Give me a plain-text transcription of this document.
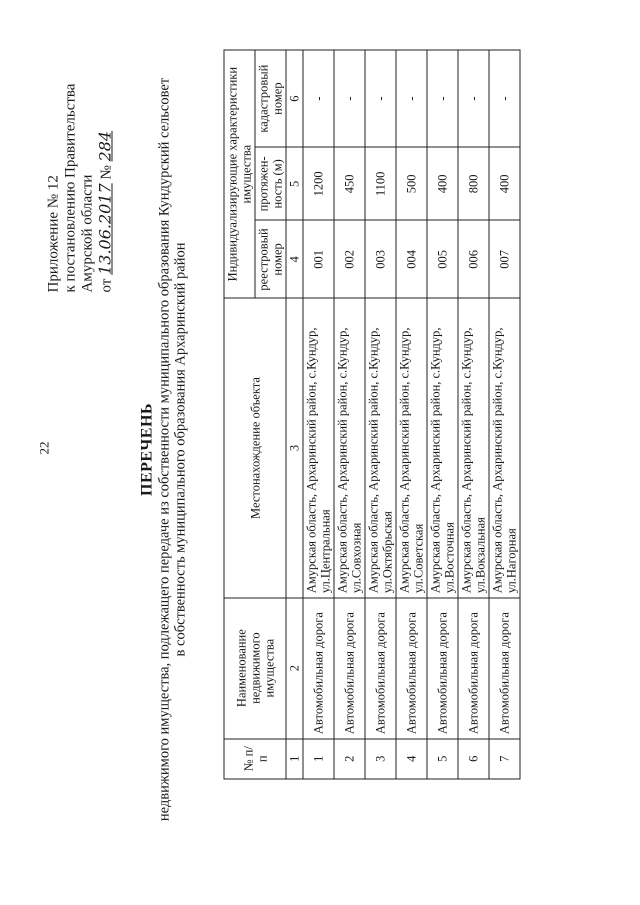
22
Приложение № 12 к постановлению Правительства Амурской области от 13.06.2017 № 284
ПЕРЕЧЕНЬ недвижимого имущества, подлежащего передаче из собственности муниципального образования Кундурский сельсовет в собственность муниципального образования Архаринский район
№ п/п	Наименование недвижимого имущества	Местонахождение объекта	Индивидуализирующие характеристики имущества		
			реестровый номер	протяжен- ность (м)	кадастровый номер
1	2	3	4	5	6
1	Автомобильная дорога	Амурская область, Архаринский район, с.Кундур, ул.Центральная	001	1200	-
2	Автомобильная дорога	Амурская область, Архаринский район, с.Кундур, ул.Совхозная	002	450	-
3	Автомобильная дорога	Амурская область, Архаринский район, с.Кундур, ул.Октябрьская	003	1100	-
4	Автомобильная дорога	Амурская область, Архаринский район, с.Кундур, ул.Советская	004	500	-
5	Автомобильная дорога	Амурская область, Архаринский район, с.Кундур, ул.Восточная	005	400	-
6	Автомобильная дорога	Амурская область, Архаринский район, с.Кундур, ул.Вокзальная	006	800	-
7	Автомобильная дорога	Амурская область, Архаринский район, с.Кундур, ул.Нагорная	007	400	-
